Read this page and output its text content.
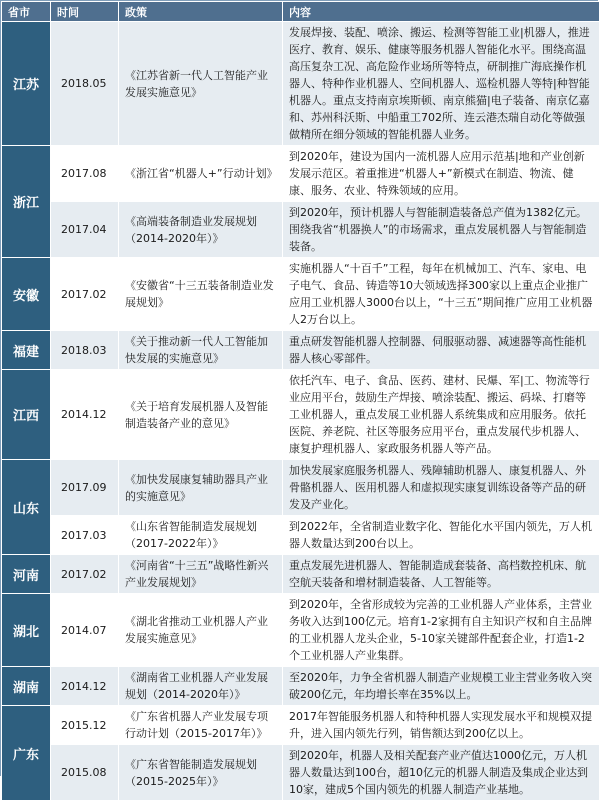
省市	时间	政策	内容
江苏	2018.05	《江苏省新一代人工智能产业发展实施意见》	发展焊接、装配、喷涂、搬运、检测等智能工业|机器人，推进医疗、教育、娱乐、健康等服务机器人智能化水平。围绕高温高压复杂工况、高危险作业场所等特点，研制推广海底操作机器人、特种作业机器人、空间机器人、巡检机器人等特|种智能机器人。重点支持南京埃斯顿、南京熊猫|电子装备、南京亿嘉和、苏州科沃斯、中船重工702所、连云港杰瑞自动化等做强做精所在细分领域的智能机器人业务。
浙江	2017.08	《浙江省“机器人+”行动计划》	到2020年，建设为国内一流机器人应用示范基|地和产业创新发展示范区。着重推进“机器人+”新模式在制造、物流、健康、服务、农业、特殊领域的应用。
	2017.04	《高端装备制造业发展规划（2014-2020年）》	到2020年，预计机器人与智能制造装备总产值为1382亿元。围绕我省“机器换人”的市场需求，重点发展机器人与智能制造装备。
安徽	2017.02	《安徽省“十三五装备制造业发展规划》	实施机器人“十百千”工程，每年在机械加工、汽车、家电、电子电气、食品、铸造等10大领域选择300家以上重点企业推广应用工业机器人3000台以上，“十三五”期间推广应用工业机器人2万台以上。
福建	2018.03	《关于推动新一代人工智能加快发展的实施意见》	重点研发智能机器人控制器、伺服驱动器、减速器等高性能机器人核心零部件。
江西	2014.12	《关于培育发展机器人及智能制造装备产业的意见》	依托汽车、电子、食品、医药、建材、民爆、军|工、物流等行业应用平台，鼓励生产焊接、喷涂装配、搬运、码垛、打磨等工业机器人，重点发展工业机器人系统集成和应用服务。依托医院、养老院、社区等服务应用平台，重点发展代步机器人、康复护理机器人、家政服务机器人等产品。
山东	2017.09	《加快发展康复辅助器具产业的实施意见》	加快发展家庭服务机器人、残障辅助机器人、康复机器人、外骨骼机器人、医用机器人和虚拟现实康复训练设备等产品的研发及产业化。
	2017.03	《山东省智能制造发展规划（2017-2022年）》	到2022年，全省制造业数字化、智能化水平国内领先，万人机器人数量达到200台以上。
河南	2017.02	《河南省“十三五”战略性新兴产业发展规划》	重点发展先进机器人、智能制造成套装备、高档数控机床、航空航天装备和增材制造装备、人工智能等。
湖北	2014.07	《湖北省推动工业机器人产业发展实施意见》	到2020年，全省形成较为完善的工业机器人产业体系，主营业务收入达到100亿元。培育1-2家拥有自主知识产权和自主品牌的工业机器人龙头企业，5-10家关键部件配套企业，打造1-2个工业机器人产业集群。
湖南	2014.12	《湖南省工业机器人产业发展规划（2014-2020年）》	至2020年，力争全省机器人制造产业规模工业主营业务收入突破200亿元，年均增长率在35%以上。
广东	2015.12	《广东省机器人产业发展专项行动计划（2015-2017年）》	2017年智能服务机器人和特种机器人实现发展水平和规模双提升，进入国内领先行列，销售额达到200亿以上。
	2015.08	《广东省智能制造发展规划（2015-2025年）》	到2020年，机器人及相关配套产业产值达1000亿元，万人机器人数量达到100台，超10亿元的机器人制造及集成企业达到10家，建成5个国内领先的机器人制造产业基地。
